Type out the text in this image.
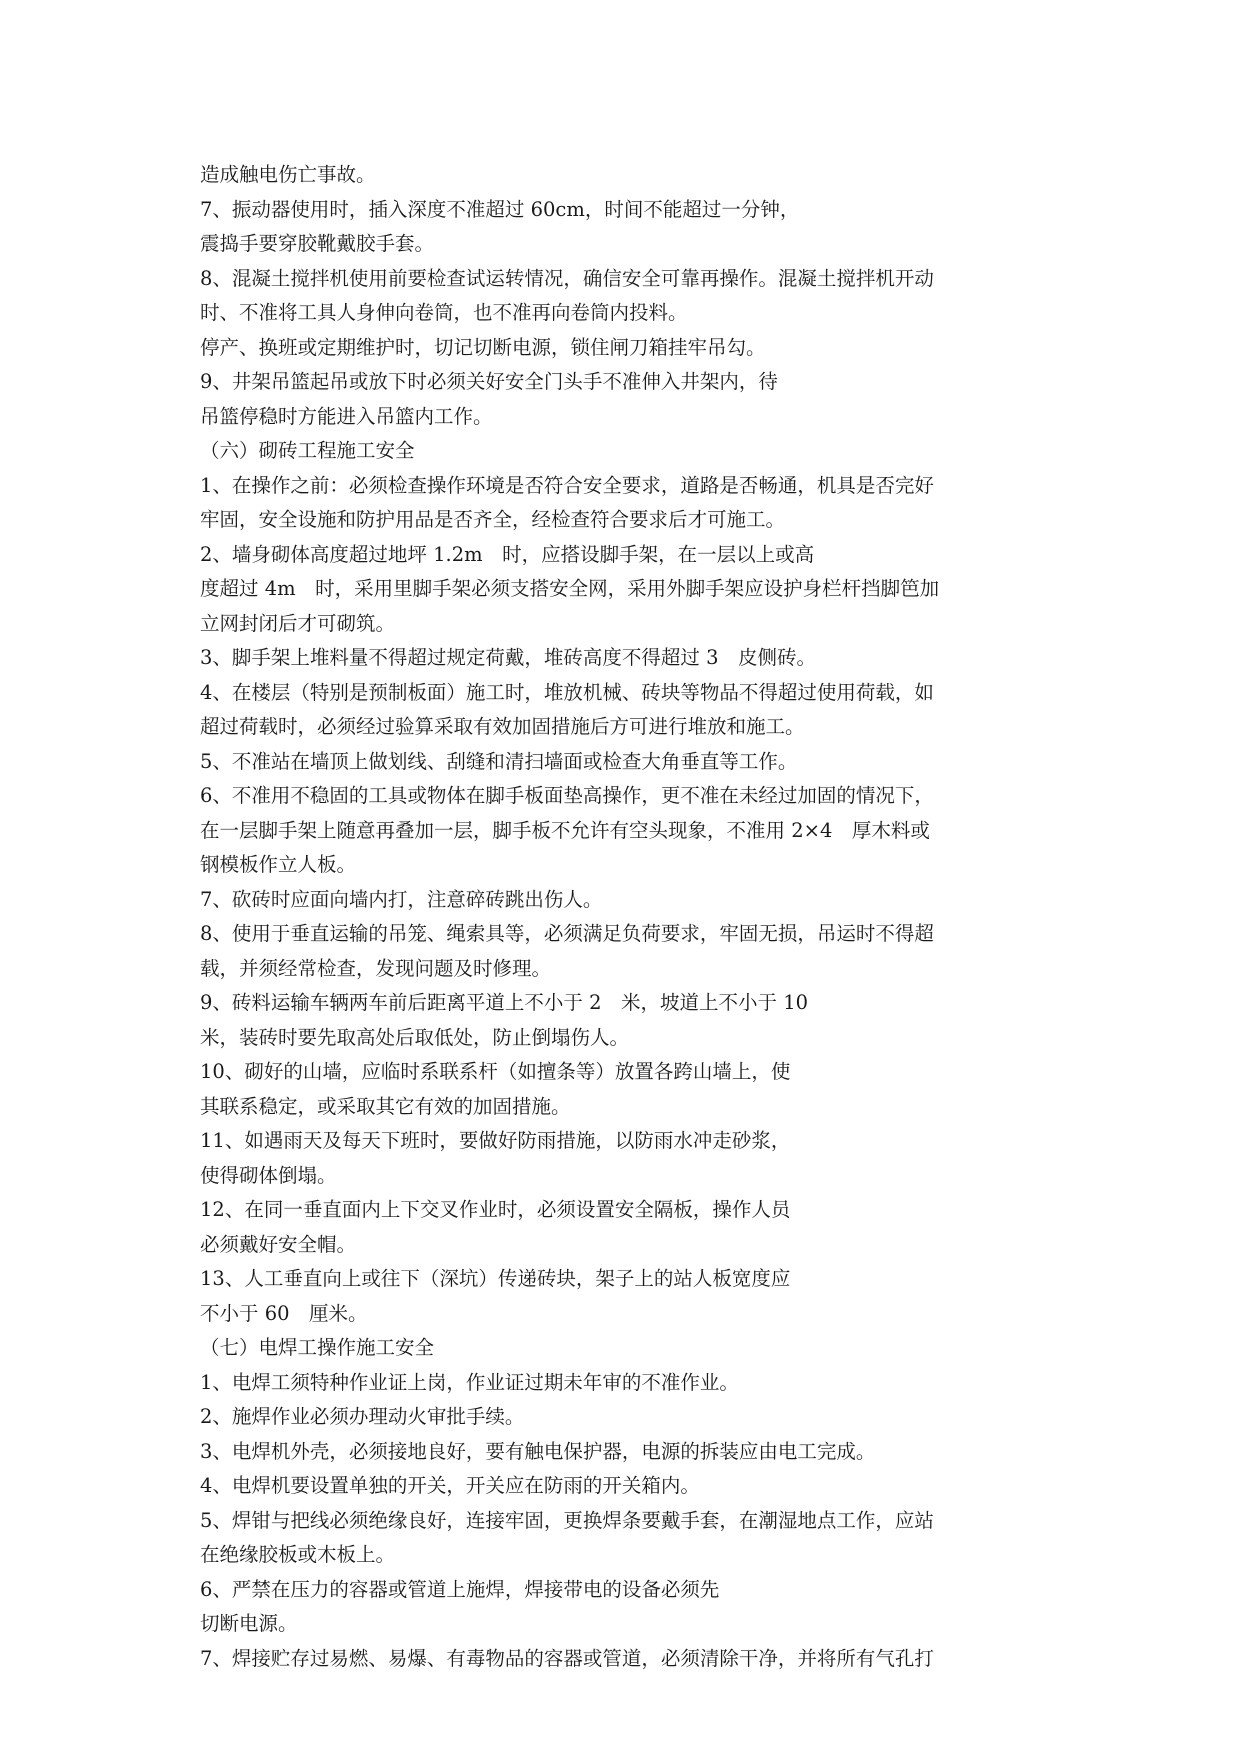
造成触电伤亡事故。
7、振动器使用时，插入深度不准超过 60cm，时间不能超过一分钟，
震捣手要穿胶靴戴胶手套。
8、混凝土搅拌机使用前要检查试运转情况，确信安全可靠再操作。混凝土搅拌机开动
时、不准将工具人身伸向卷筒，也不准再向卷筒内投料。
停产、换班或定期维护时，切记切断电源，锁住闸刀箱挂牢吊勾。
9、井架吊篮起吊或放下时必须关好安全门头手不准伸入井架内，待
吊篮停稳时方能进入吊篮内工作。
（六）砌砖工程施工安全
1、在操作之前：必须检查操作环境是否符合安全要求，道路是否畅通，机具是否完好
牢固，安全设施和防护用品是否齐全，经检查符合要求后才可施工。
2、墙身砌体高度超过地坪 1.2m　时，应搭设脚手架，在一层以上或高
度超过 4m　时，采用里脚手架必须支搭安全网，采用外脚手架应设护身栏杆挡脚笆加
立网封闭后才可砌筑。
3、脚手架上堆料量不得超过规定荷戴，堆砖高度不得超过 3　皮侧砖。
4、在楼层（特别是预制板面）施工时，堆放机械、砖块等物品不得超过使用荷载，如
超过荷载时，必须经过验算采取有效加固措施后方可进行堆放和施工。
5、不准站在墙顶上做划线、刮缝和清扫墙面或检查大角垂直等工作。
6、不准用不稳固的工具或物体在脚手板面垫高操作，更不准在未经过加固的情况下，
在一层脚手架上随意再叠加一层，脚手板不允许有空头现象，不准用 2×4　厚木料或
钢模板作立人板。
7、砍砖时应面向墙内打，注意碎砖跳出伤人。
8、使用于垂直运输的吊笼、绳索具等，必须满足负荷要求，牢固无损，吊运时不得超
载，并须经常检查，发现问题及时修理。
9、砖料运输车辆两车前后距离平道上不小于 2　米，坡道上不小于 10
米，装砖时要先取高处后取低处，防止倒塌伤人。
10、砌好的山墙，应临时系联系杆（如擅条等）放置各跨山墙上，使
其联系稳定，或采取其它有效的加固措施。
11、如遇雨天及每天下班时，要做好防雨措施，以防雨水冲走砂浆，
使得砌体倒塌。
12、在同一垂直面内上下交叉作业时，必须设置安全隔板，操作人员
必须戴好安全帽。
13、人工垂直向上或往下（深坑）传递砖块，架子上的站人板宽度应
不小于 60　厘米。
（七）电焊工操作施工安全
1、电焊工须特种作业证上岗，作业证过期未年审的不准作业。
2、施焊作业必须办理动火审批手续。
3、电焊机外壳，必须接地良好，要有触电保护器，电源的拆装应由电工完成。
4、电焊机要设置单独的开关，开关应在防雨的开关箱内。
5、焊钳与把线必须绝缘良好，连接牢固，更换焊条要戴手套，在潮湿地点工作，应站
在绝缘胶板或木板上。
6、严禁在压力的容器或管道上施焊，焊接带电的设备必须先
切断电源。
7、焊接贮存过易燃、易爆、有毒物品的容器或管道，必须清除干净，并将所有气孔打
